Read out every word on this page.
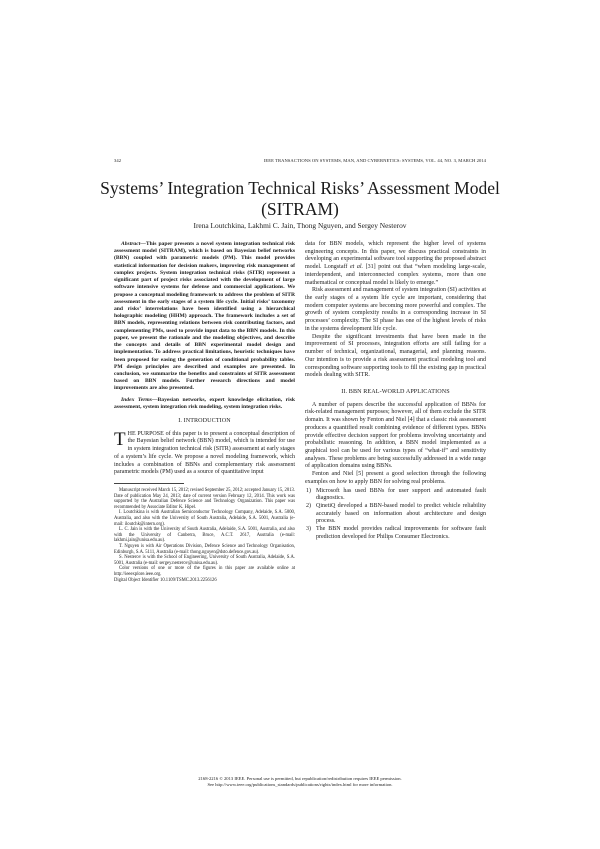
342	IEEE TRANSACTIONS ON SYSTEMS, MAN, AND CYBERNETICS: SYSTEMS, VOL. 44, NO. 3, MARCH 2014
Systems’ Integration Technical Risks’ Assessment Model (SITRAM)
Irena Loutchkina, Lakhmi C. Jain, Thong Nguyen, and Sergey Nesterov

Abstract—This paper presents a novel system integration technical risk assessment model (SITRAM), which is based on Bayesian belief networks (BBN) coupled with parametric models (PM). This model provides statistical information for decision makers, improving risk management of complex projects. System integration technical risks (SITR) represent a significant part of project risks associated with the development of large software intensive systems for defense and commercial applications. We propose a conceptual modeling framework to address the problem of SITR assessment in the early stages of a system life cycle. Initial risks’ taxonomy and risks’ interrelations have been identified using a hierarchical holographic modeling (HHM) approach. The framework includes a set of BBN models, representing relations between risk contributing factors, and complementing PMs, used to provide input data to the BBN models. In this paper, we present the rationale and the modeling objectives, and describe the concepts and details of BBN experimental model design and implementation. To address practical limitations, heuristic techniques have been proposed for easing the generation of conditional probability tables. PM design principles are described and examples are presented. In conclusion, we summarize the benefits and constraints of SITR assessment based on BBN models. Further research directions and model improvements are also presented.

Index Terms—Bayesian networks, expert knowledge elicitation, risk assessment, system integration risk modeling, system integration risks.

I. INTRODUCTION

THE PURPOSE of this paper is to present a conceptual description of the Bayesian belief network (BBN) model, which is intended for use in system integration technical risk (SITR) assessment at early stages of a system’s life cycle. We propose a novel modeling framework, which includes a combination of BBNs and complementary risk assessment parametric models (PM) used as a source of quantitative input

Manuscript received March 15, 2012; revised September 25, 2012; accepted January 15, 2013. Date of publication May 24, 2013; date of current version February 12, 2014. This work was supported by the Australian Defence Science and Technology Organization. This paper was recommended by Associate Editor K. Hipel.

I. Loutchkina is with Australian Semiconductor Technology Company, Adelaide, S.A. 5000, Australia, and also with the University of South Australia, Adelaide, S.A. 5001, Australia (e-mail: iloutchk@intern.org).

L. C. Jain is with the University of South Australia, Adelaide, S.A. 5001, Australia, and also with the University of Canberra, Bruce, A.C.T. 2617, Australia (e-mail: lakhmi.jain@unisa.edu.au).

T. Nguyen is with Air Operations Division, Defence Science and Technology Organisation, Edinburgh, S.A. 5111, Australia (e-mail: thong.nguyen@dsto.defence.gov.au).

S. Nesterov is with the School of Engineering, University of South Australia, Adelaide, S.A. 5001, Australia (e-mail: sergey.nesterov@unisa.edu.au).

Color versions of one or more of the figures in this paper are available online at http://ieeexplore.ieee.org.

Digital Object Identifier 10.1109/TSMC.2013.2256126

data for BBN models, which represent the higher level of systems engineering concepts. In this paper, we discuss practical constraints in developing an experimental software tool supporting the proposed abstract model. Longstaff et al. [31] point out that “when modeling large-scale, interdependent, and interconnected complex systems, more than one mathematical or conceptual model is likely to emerge.”

Risk assessment and management of system integration (SI) activities at the early stages of a system life cycle are important, considering that modern computer systems are becoming more powerful and complex. The growth of system complexity results in a corresponding increase in SI processes’ complexity. The SI phase has one of the highest levels of risks in the systems development life cycle.

Despite the significant investments that have been made in the improvement of SI processes, integration efforts are still failing for a number of technical, organizational, managerial, and planning reasons. Our intention is to provide a risk assessment practical modeling tool and corresponding software supporting tools to fill the existing gap in practical models dealing with SITR.

II. BBN REAL-WORLD APPLICATIONS

A number of papers describe the successful application of BBNs for risk-related management purposes; however, all of them exclude the SITR domain. It was shown by Fenton and Niel [4] that a classic risk assessment produces a quantified result combining evidence of different types. BBNs provide effective decision support for problems involving uncertainty and probabilistic reasoning. In addition, a BBN model implemented as a graphical tool can be used for various types of “what-if” and sensitivity analyses. These problems are being successfully addressed in a wide range of application domains using BBNs.

Fenton and Niel [5] present a good selection through the following examples on how to apply BBN for solving real problems.

1) Microsoft has used BBNs for user support and automated fault diagnostics.
2) QinetiQ developed a BBN-based model to predict vehicle reliability accurately based on information about architecture and design process.
3) The BBN model provides radical improvements for software fault prediction developed for Philips Consumer Electronics.
2168-2216 © 2013 IEEE. Personal use is permitted, but republication/redistribution requires IEEE permission.
See http://www.ieee.org/publications_standards/publications/rights/index.html for more information.
